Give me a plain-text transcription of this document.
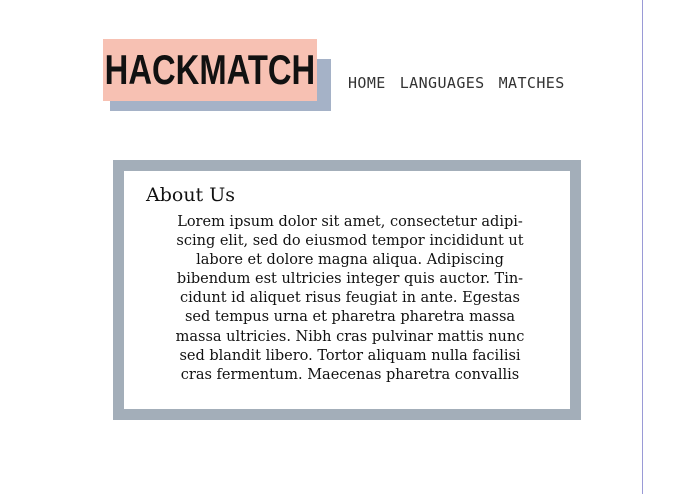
HACKMATCH HOME LANGUAGES MATCHES
About Us

Lorem ipsum dolor sit amet, consectetur adipi-
scing elit, sed do eiusmod tempor incididunt ut
labore et dolore magna aliqua. Adipiscing
bibendum est ultricies integer quis auctor. Tin-
cidunt id aliquet risus feugiat in ante. Egestas
sed tempus urna et pharetra pharetra massa
massa ultricies. Nibh cras pulvinar mattis nunc
sed blandit libero. Tortor aliquam nulla facilisi
cras fermentum. Maecenas pharetra convallis
